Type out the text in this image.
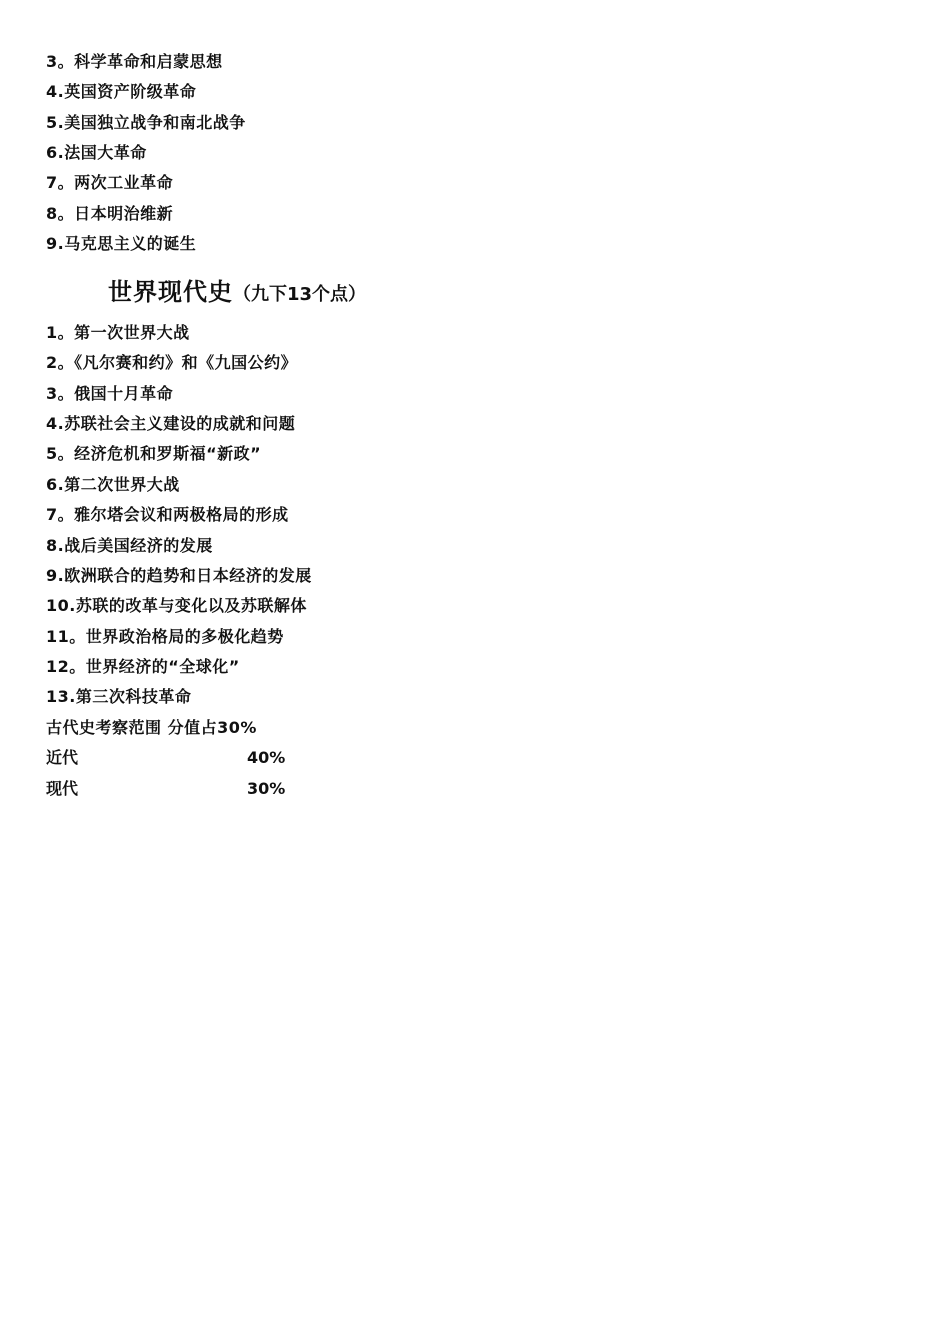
3。科学革命和启蒙思想
4.英国资产阶级革命
5.美国独立战争和南北战争
6.法国大革命
7。两次工业革命
8。日本明治维新
9.马克思主义的诞生
世界现代史（九下13个点）
1。第一次世界大战
2。《凡尔赛和约》和《九国公约》
3。俄国十月革命
4.苏联社会主义建设的成就和问题
5。经济危机和罗斯福“新政”
6.第二次世界大战
7。雅尔塔会议和两极格局的形成
8.战后美国经济的发展
9.欧洲联合的趋势和日本经济的发展
10.苏联的改革与变化以及苏联解体
11。世界政治格局的多极化趋势
12。世界经济的“全球化”
13.第三次科技革命
古代史考察范围 分值占30%
近代	40%
现代	30%
